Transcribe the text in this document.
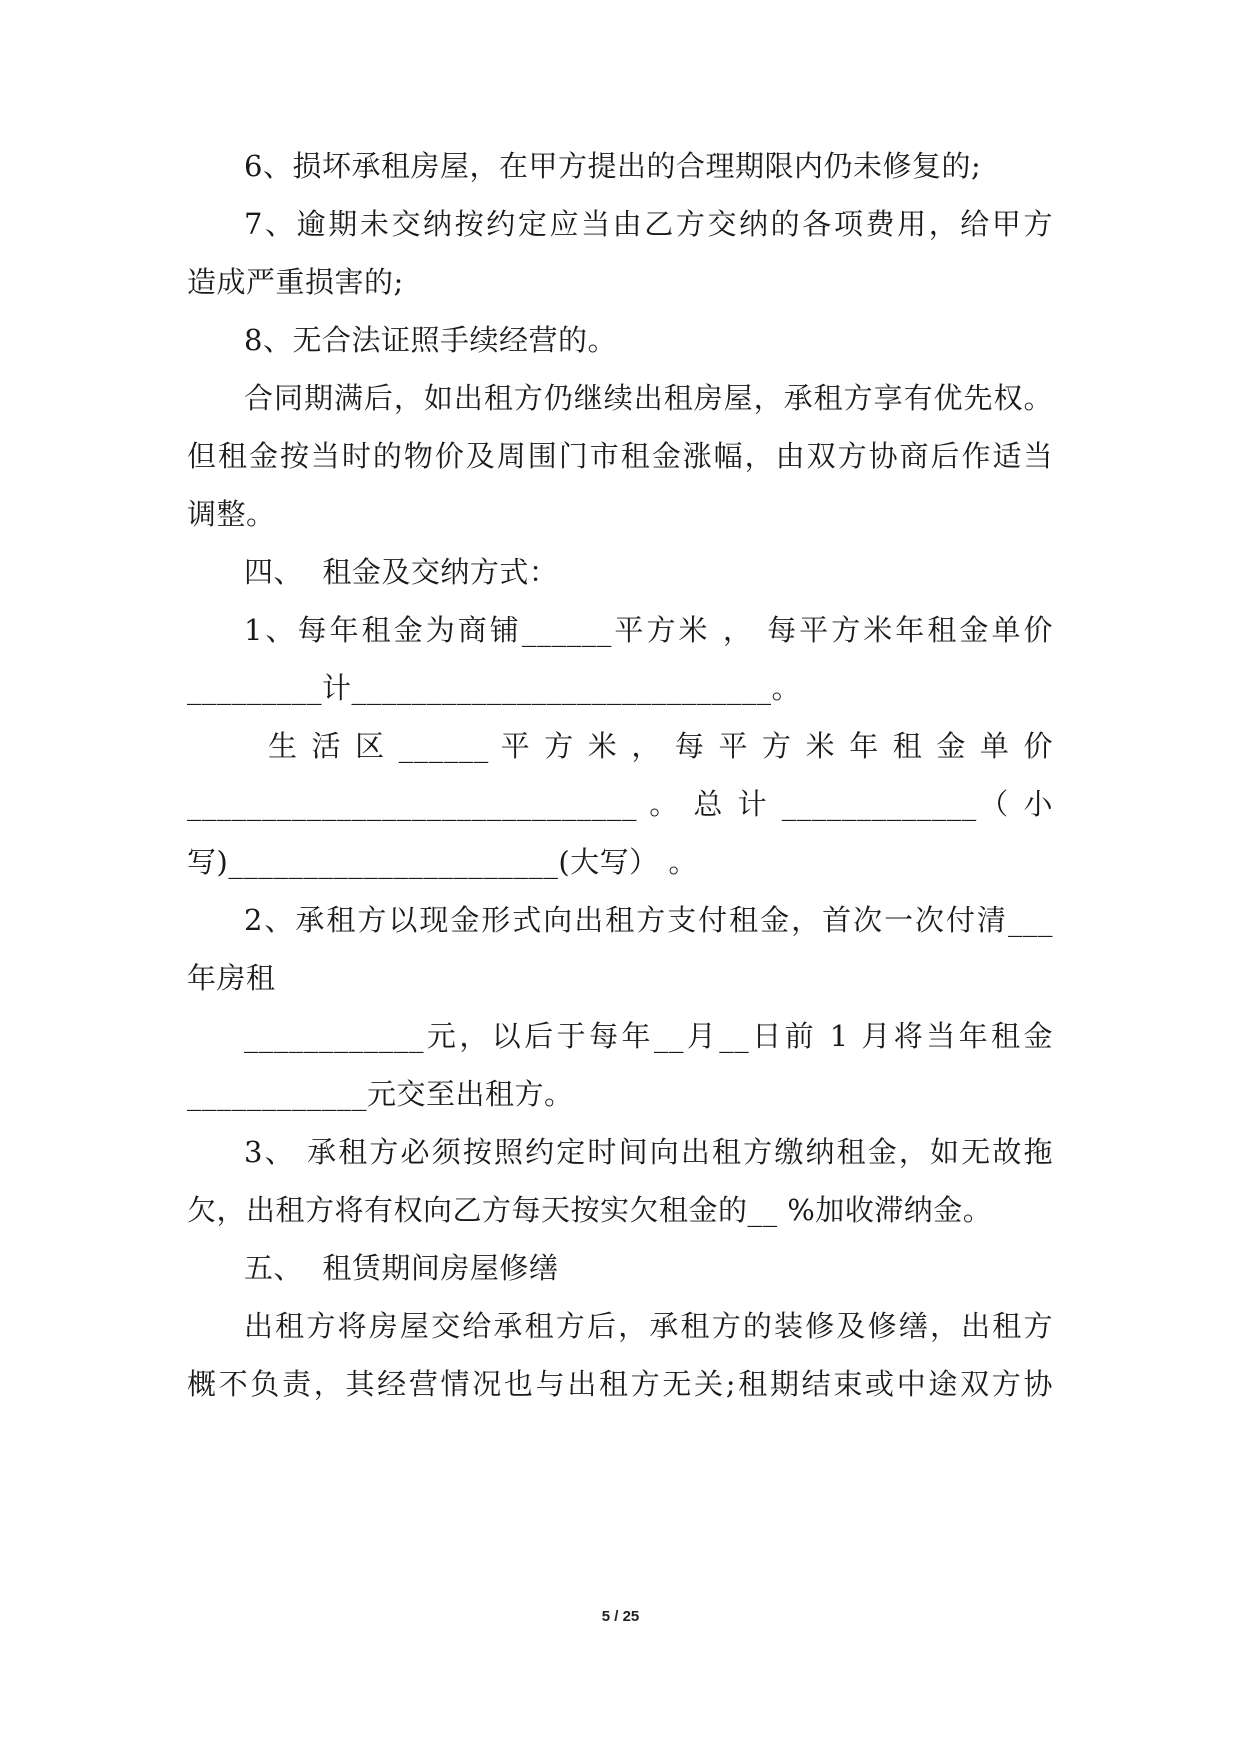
6、损坏承租房屋，在甲方提出的合理期限内仍未修复的;
7、逾期未交纳按约定应当由乙方交纳的各项费用，给甲方
造成严重损害的;
8、无合法证照手续经营的。
合同期满后，如出租方仍继续出租房屋，承租方享有优先权。
但租金按当时的物价及周围门市租金涨幅，由双方协商后作适当
调整。
四、  租金及交纳方式：
1、每年租金为商铺______平方米 ， 每平方米年租金单价
_________计____________________________。
生 活 区 ______ 平 方 米 ， 每 平 方 米 年 租 金 单 价
______________________________ 。 总 计 _____________（ 小
写)______________________(大写） 。
2、承租方以现金形式向出租方支付租金，首次一次付清___
年房租
____________元，以后于每年__月__日前 1 月将当年租金
____________元交至出租方。
3、 承租方必须按照约定时间向出租方缴纳租金，如无故拖
欠，出租方将有权向乙方每天按实欠租金的__ %加收滞纳金。
五、  租赁期间房屋修缮
出租方将房屋交给承租方后，承租方的装修及修缮，出租方
概不负责，其经营情况也与出租方无关;租期结束或中途双方协
5 / 25
